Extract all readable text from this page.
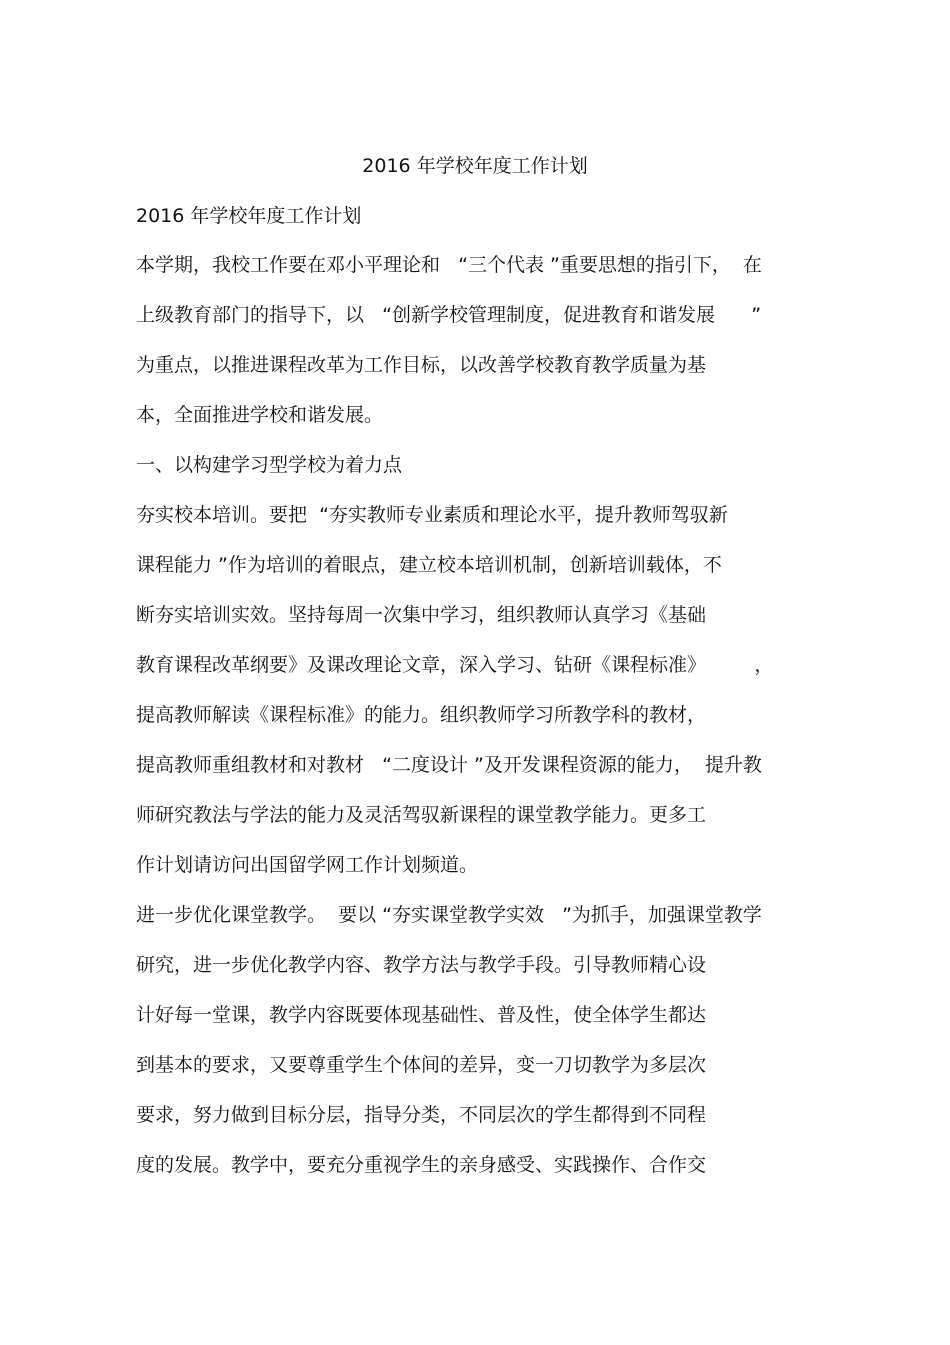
2016 年学校年度工作计划
2016 年学校年度工作计划
本学期，我校工作要在邓小平理论和   “三个代表 ”重要思想的指引下，  在
上级教育部门的指导下，以   “创新学校管理制度，促进教育和谐发展      ”
为重点，以推进课程改革为工作目标，以改善学校教育教学质量为基
本，全面推进学校和谐发展。
一、以构建学习型学校为着力点
夯实校本培训。要把  “夯实教师专业素质和理论水平，提升教师驾驭新
课程能力 ”作为培训的着眼点，建立校本培训机制，创新培训载体，不
断夯实培训实效。坚持每周一次集中学习，组织教师认真学习《基础
教育课程改革纲要》及课改理论文章，深入学习、钻研《课程标准》        ，
提高教师解读《课程标准》的能力。组织教师学习所教学科的教材，
提高教师重组教材和对教材   “二度设计 ”及开发课程资源的能力，  提升教
师研究教法与学法的能力及灵活驾驭新课程的课堂教学能力。更多工
作计划请访问出国留学网工作计划频道。
进一步优化课堂教学。  要以 “夯实课堂教学实效   ”为抓手，加强课堂教学
研究，进一步优化教学内容、教学方法与教学手段。引导教师精心设
计好每一堂课，教学内容既要体现基础性、普及性，使全体学生都达
到基本的要求，又要尊重学生个体间的差异，变一刀切教学为多层次
要求，努力做到目标分层，指导分类，不同层次的学生都得到不同程
度的发展。教学中，要充分重视学生的亲身感受、实践操作、合作交
